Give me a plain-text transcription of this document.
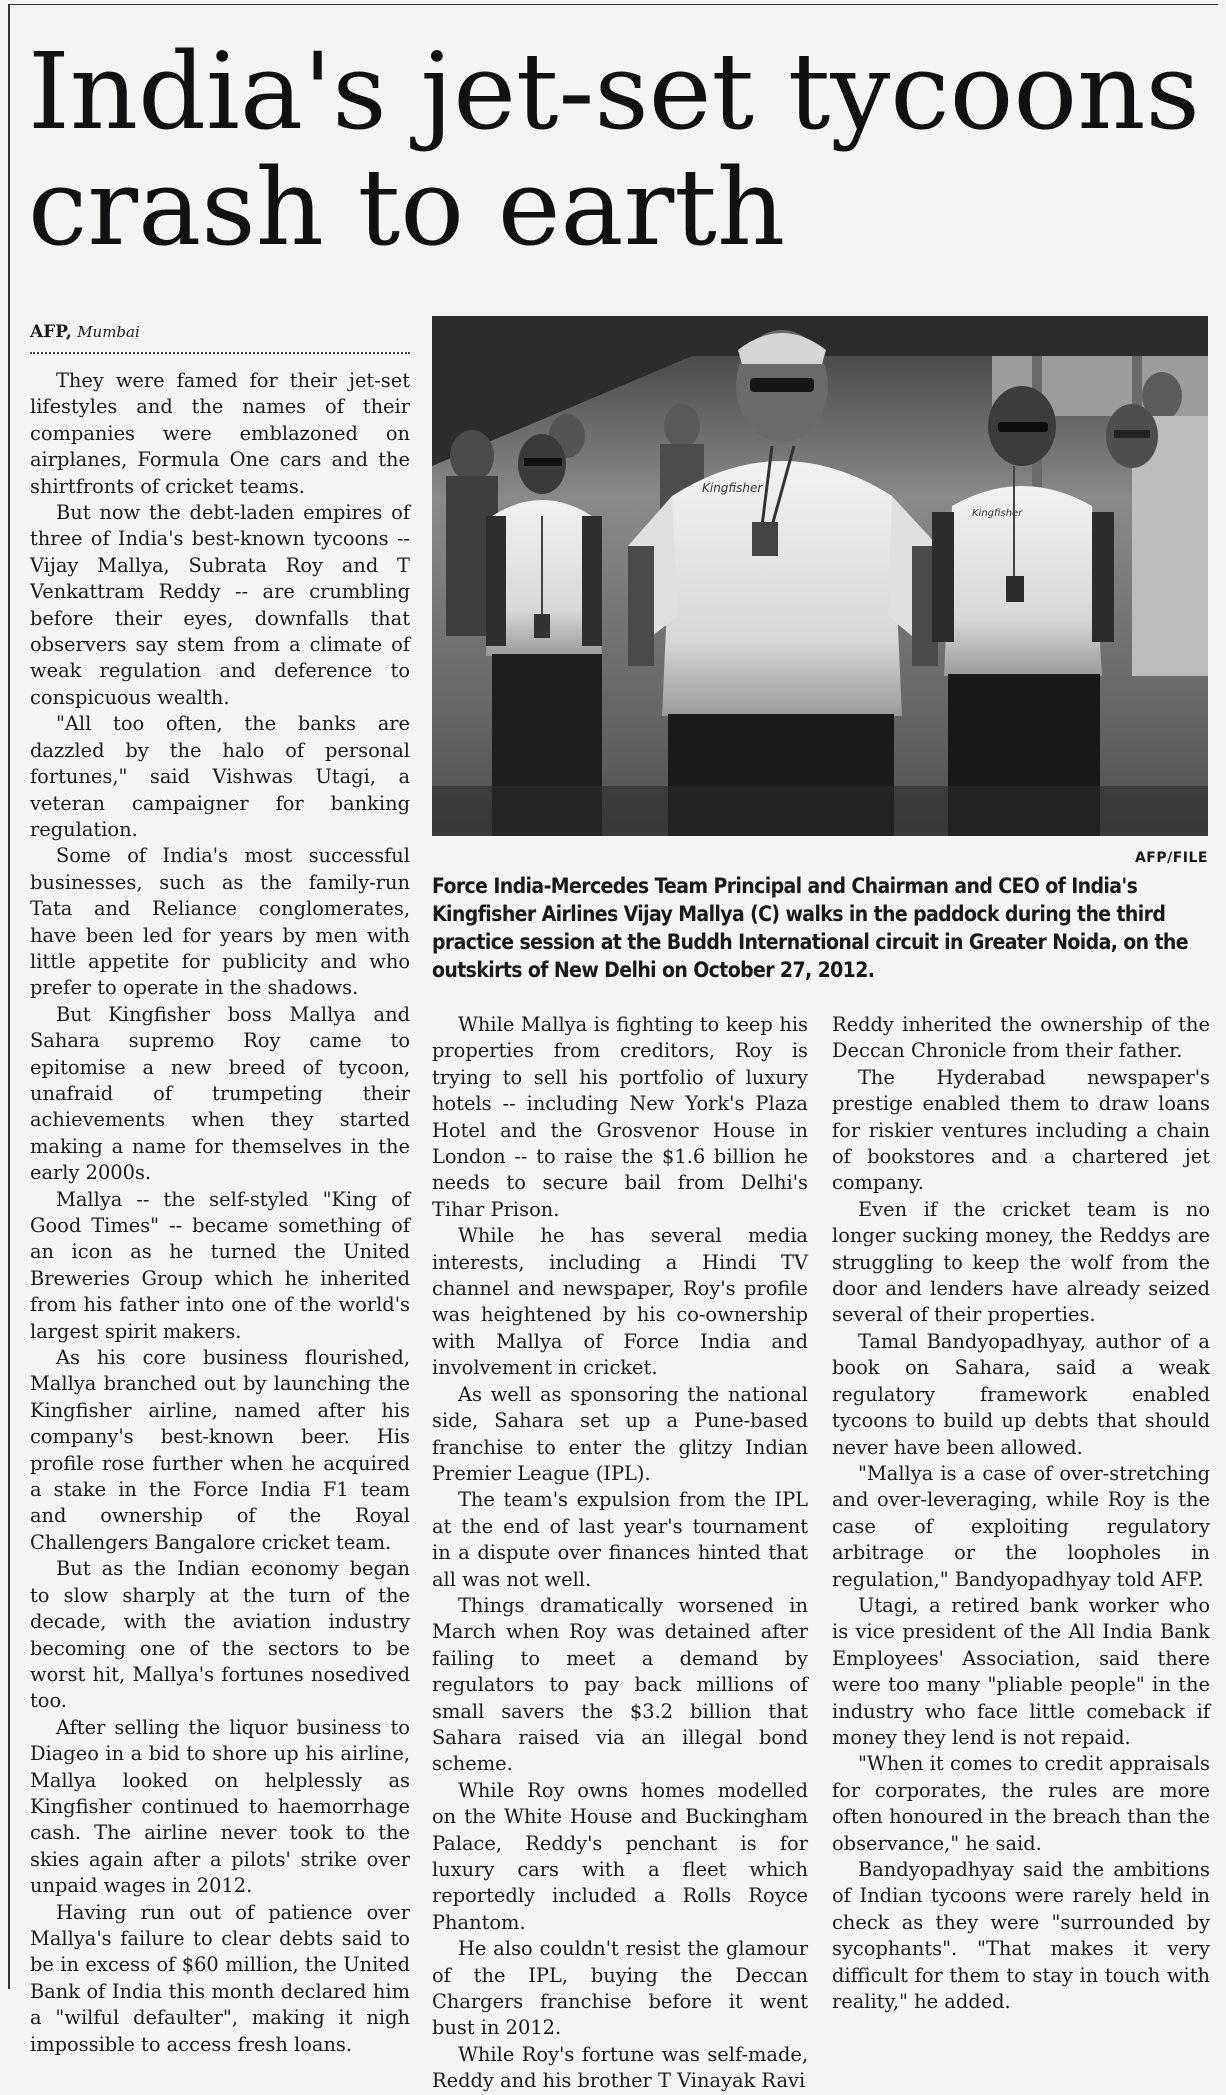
India's jet-set tycoons crash to earth
AFP, Mumbai

They were famed for their jet-set lifestyles and the names of their companies were emblazoned on airplanes, Formula One cars and the shirtfronts of cricket teams.

But now the debt-laden empires of three of India's best-known tycoons -- Vijay Mallya, Subrata Roy and T Venkattram Reddy -- are crumbling before their eyes, downfalls that observers say stem from a climate of weak regulation and deference to conspicuous wealth.

"All too often, the banks are dazzled by the halo of personal fortunes," said Vishwas Utagi, a veteran campaigner for banking regulation.

Some of India's most successful businesses, such as the family-run Tata and Reliance conglomerates, have been led for years by men with little appetite for publicity and who prefer to operate in the shadows.

But Kingfisher boss Mallya and Sahara supremo Roy came to epitomise a new breed of tycoon, unafraid of trumpeting their achievements when they started making a name for themselves in the early 2000s.

Mallya -- the self-styled "King of Good Times" -- became something of an icon as he turned the United Breweries Group which he inherited from his father into one of the world's largest spirit makers.

As his core business flourished, Mallya branched out by launching the Kingfisher airline, named after his company's best-known beer. His profile rose further when he acquired a stake in the Force India F1 team and ownership of the Royal Challengers Bangalore cricket team.

But as the Indian economy began to slow sharply at the turn of the decade, with the aviation industry becoming one of the sectors to be worst hit, Mallya's fortunes nosedived too.

After selling the liquor business to Diageo in a bid to shore up his airline, Mallya looked on helplessly as Kingfisher continued to haemorrhage cash. The airline never took to the skies again after a pilots' strike over unpaid wages in 2012.

Having run out of patience over Mallya's failure to clear debts said to be in excess of $60 million, the United Bank of India this month declared him a "wilful defaulter", making it nigh impossible to access fresh loans.

Kingfisher
Kingfisher
AFP/FILE
Force India-Mercedes Team Principal and Chairman and CEO of India's Kingfisher Airlines Vijay Mallya (C) walks in the paddock during the third practice session at the Buddh International circuit in Greater Noida, on the outskirts of New Delhi on October 27, 2012.

While Mallya is fighting to keep his properties from creditors, Roy is trying to sell his portfolio of luxury hotels -- including New York's Plaza Hotel and the Grosvenor House in London -- to raise the $1.6 billion he needs to secure bail from Delhi's Tihar Prison.

While he has several media interests, including a Hindi TV channel and newspaper, Roy's profile was heightened by his co-ownership with Mallya of Force India and involvement in cricket.

As well as sponsoring the national side, Sahara set up a Pune-based franchise to enter the glitzy Indian Premier League (IPL).

The team's expulsion from the IPL at the end of last year's tournament in a dispute over finances hinted that all was not well.

Things dramatically worsened in March when Roy was detained after failing to meet a demand by regulators to pay back millions of small savers the $3.2 billion that Sahara raised via an illegal bond scheme.

While Roy owns homes modelled on the White House and Buckingham Palace, Reddy's penchant is for luxury cars with a fleet which reportedly included a Rolls Royce Phantom.

He also couldn't resist the glamour of the IPL, buying the Deccan Chargers franchise before it went bust in 2012.

While Roy's fortune was self-made, Reddy and his brother T Vinayak Ravi

Reddy inherited the ownership of the Deccan Chronicle from their father.

The Hyderabad newspaper's prestige enabled them to draw loans for riskier ventures including a chain of bookstores and a chartered jet company.

Even if the cricket team is no longer sucking money, the Reddys are struggling to keep the wolf from the door and lenders have already seized several of their properties.

Tamal Bandyopadhyay, author of a book on Sahara, said a weak regulatory framework enabled tycoons to build up debts that should never have been allowed.

"Mallya is a case of over-stretching and over-leveraging, while Roy is the case of exploiting regulatory arbitrage or the loopholes in regulation," Bandyopadhyay told AFP.

Utagi, a retired bank worker who is vice president of the All India Bank Employees' Association, said there were too many "pliable people" in the industry who face little comeback if money they lend is not repaid.

"When it comes to credit appraisals for corporates, the rules are more often honoured in the breach than the observance," he said.

Bandyopadhyay said the ambitions of Indian tycoons were rarely held in check as they were "surrounded by sycophants". "That makes it very difficult for them to stay in touch with reality," he added.
